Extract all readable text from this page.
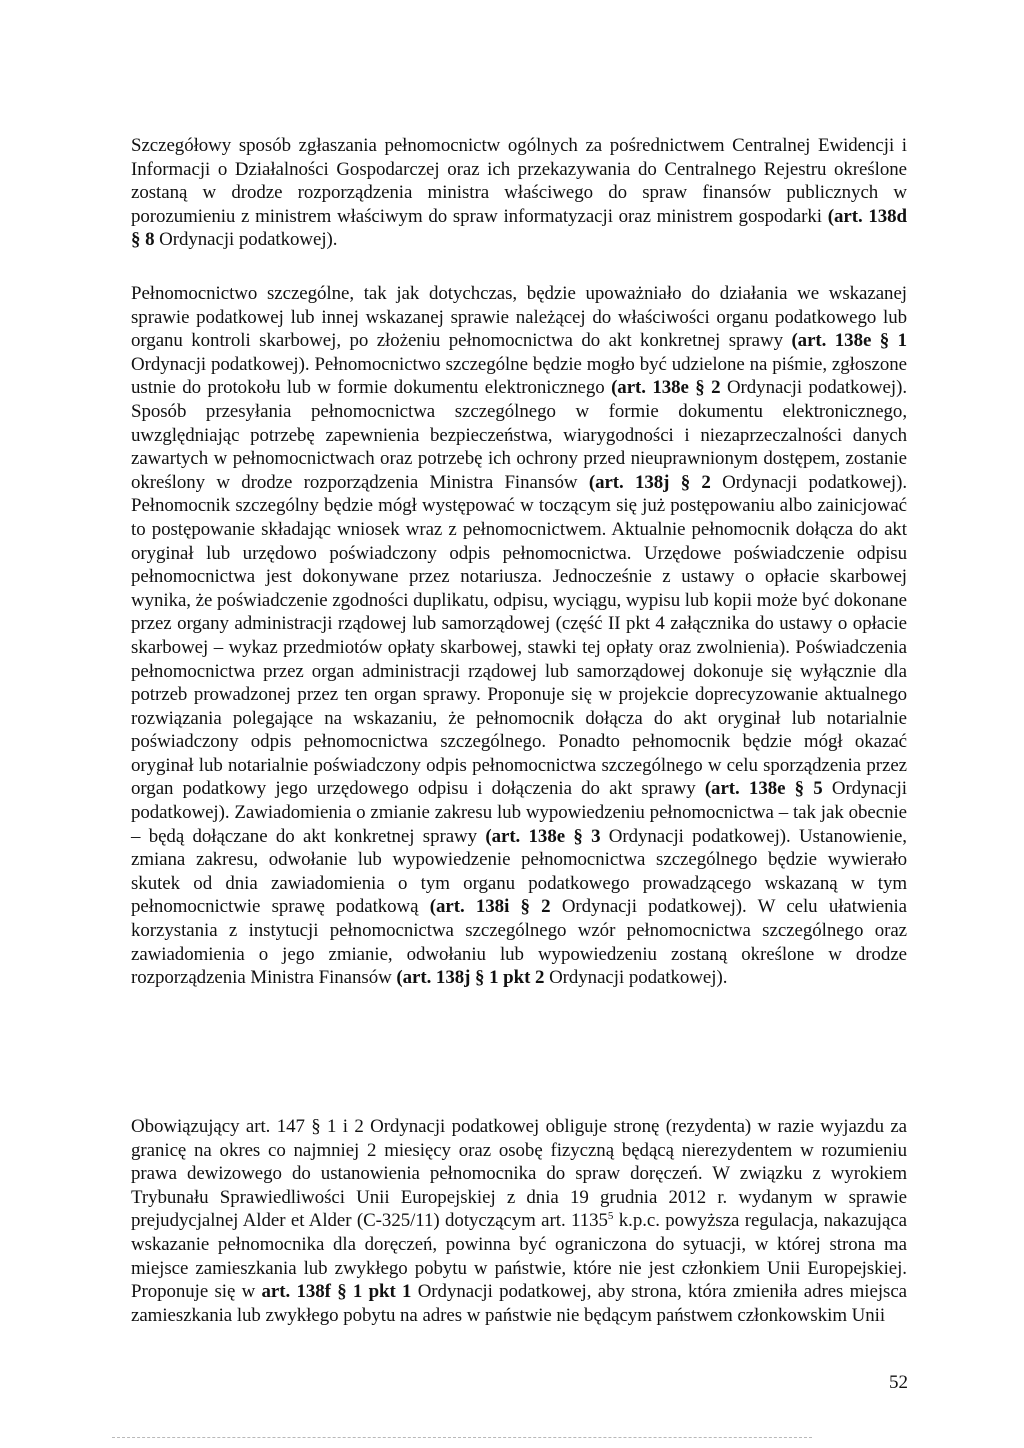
Szczegółowy sposób zgłaszania pełnomocnictw ogólnych za pośrednictwem Centralnej Ewidencji i Informacji o Działalności Gospodarczej oraz ich przekazywania do Centralnego Rejestru określone zostaną w drodze rozporządzenia ministra właściwego do spraw finansów publicznych w porozumieniu z ministrem właściwym do spraw informatyzacji oraz ministrem gospodarki (art. 138d § 8 Ordynacji podatkowej).

Pełnomocnictwo szczególne, tak jak dotychczas, będzie upoważniało do działania we wskazanej sprawie podatkowej lub innej wskazanej sprawie należącej do właściwości organu podatkowego lub organu kontroli skarbowej, po złożeniu pełnomocnictwa do akt konkretnej sprawy (art. 138e § 1 Ordynacji podatkowej). Pełnomocnictwo szczególne będzie mogło być udzielone na piśmie, zgłoszone ustnie do protokołu lub w formie dokumentu elektronicznego (art. 138e § 2 Ordynacji podatkowej). Sposób przesyłania pełnomocnictwa szczególnego w formie dokumentu elektronicznego, uwzględniając potrzebę zapewnienia bezpieczeństwa, wiarygodności i niezaprzeczalności danych zawartych w pełnomocnictwach oraz potrzebę ich ochrony przed nieuprawnionym dostępem, zostanie określony w drodze rozporządzenia Ministra Finansów (art. 138j § 2 Ordynacji podatkowej). Pełnomocnik szczególny będzie mógł występować w toczącym się już postępowaniu albo zainicjować to postępowanie składając wniosek wraz z pełnomocnictwem. Aktualnie pełnomocnik dołącza do akt oryginał lub urzędowo poświadczony odpis pełnomocnictwa. Urzędowe poświadczenie odpisu pełnomocnictwa jest dokonywane przez notariusza. Jednocześnie z ustawy o opłacie skarbowej wynika, że poświadczenie zgodności duplikatu, odpisu, wyciągu, wypisu lub kopii może być dokonane przez organy administracji rządowej lub samorządowej (część II pkt 4 załącznika do ustawy o opłacie skarbowej – wykaz przedmiotów opłaty skarbowej, stawki tej opłaty oraz zwolnienia). Poświadczenia pełnomocnictwa przez organ administracji rządowej lub samorządowej dokonuje się wyłącznie dla potrzeb prowadzonej przez ten organ sprawy. Proponuje się w projekcie doprecyzowanie aktualnego rozwiązania polegające na wskazaniu, że pełnomocnik dołącza do akt oryginał lub notarialnie poświadczony odpis pełnomocnictwa szczególnego. Ponadto pełnomocnik będzie mógł okazać oryginał lub notarialnie poświadczony odpis pełnomocnictwa szczególnego w celu sporządzenia przez organ podatkowy jego urzędowego odpisu i dołączenia do akt sprawy (art. 138e § 5 Ordynacji podatkowej). Zawiadomienia o zmianie zakresu lub wypowiedzeniu pełnomocnictwa – tak jak obecnie – będą dołączane do akt konkretnej sprawy (art. 138e § 3 Ordynacji podatkowej). Ustanowienie, zmiana zakresu, odwołanie lub wypowiedzenie pełnomocnictwa szczególnego będzie wywierało skutek od dnia zawiadomienia o tym organu podatkowego prowadzącego wskazaną w tym pełnomocnictwie sprawę podatkową (art. 138i § 2 Ordynacji podatkowej). W celu ułatwienia korzystania z instytucji pełnomocnictwa szczególnego wzór pełnomocnictwa szczególnego oraz zawiadomienia o jego zmianie, odwołaniu lub wypowiedzeniu zostaną określone w drodze rozporządzenia Ministra Finansów (art. 138j § 1 pkt 2 Ordynacji podatkowej).

Obowiązujący art. 147 § 1 i 2 Ordynacji podatkowej obliguje stronę (rezydenta) w razie wyjazdu za granicę na okres co najmniej 2 miesięcy oraz osobę fizyczną będącą nierezydentem w rozumieniu prawa dewizowego do ustanowienia pełnomocnika do spraw doręczeń. W związku z wyrokiem Trybunału Sprawiedliwości Unii Europejskiej z dnia 19 grudnia 2012 r. wydanym w sprawie prejudycjalnej Alder et Alder (C-325/11) dotyczącym art. 1135$^5$ k.p.c. powyższa regulacja, nakazująca wskazanie pełnomocnika dla doręczeń, powinna być ograniczona do sytuacji, w której strona ma miejsce zamieszkania lub zwykłego pobytu w państwie, które nie jest członkiem Unii Europejskiej. Proponuje się w art. 138f § 1 pkt 1 Ordynacji podatkowej, aby strona, która zmieniła adres miejsca zamieszkania lub zwykłego pobytu na adres w państwie nie będącym państwem członkowskim Unii

52
